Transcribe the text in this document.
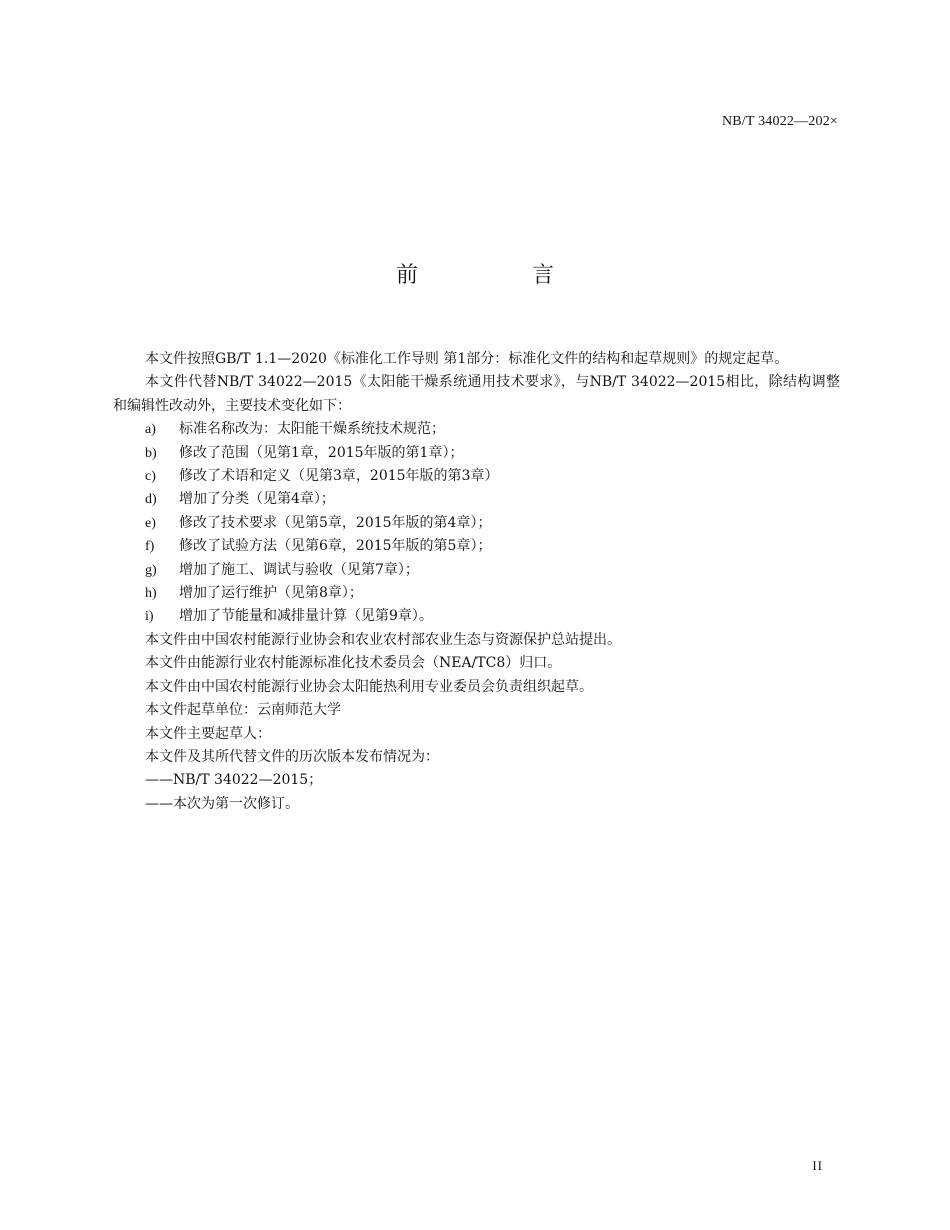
NB/T 34022—202×
前　言

本文件按照GB/T 1.1—2020《标准化工作导则 第1部分：标准化文件的结构和起草规则》的规定起草。

本文件代替NB/T 34022—2015《太阳能干燥系统通用技术要求》，与NB/T 34022—2015相比，除结构调整和编辑性改动外，主要技术变化如下：

a)	标准名称改为：太阳能干燥系统技术规范；
b)	修改了范围（见第1章，2015年版的第1章）；
c)	修改了术语和定义（见第3章，2015年版的第3章）
d)	增加了分类（见第4章）；
e)	修改了技术要求（见第5章，2015年版的第4章）；
f)	修改了试验方法（见第6章，2015年版的第5章）；
g)	增加了施工、调试与验收（见第7章）；
h)	增加了运行维护（见第8章）；
i)	增加了节能量和减排量计算（见第9章）。

本文件由中国农村能源行业协会和农业农村部农业生态与资源保护总站提出。

本文件由能源行业农村能源标准化技术委员会（NEA/TC8）归口。

本文件由中国农村能源行业协会太阳能热利用专业委员会负责组织起草。

本文件起草单位：云南师范大学

本文件主要起草人：

本文件及其所代替文件的历次版本发布情况为：

——NB/T 34022—2015；

——本次为第一次修订。

II
